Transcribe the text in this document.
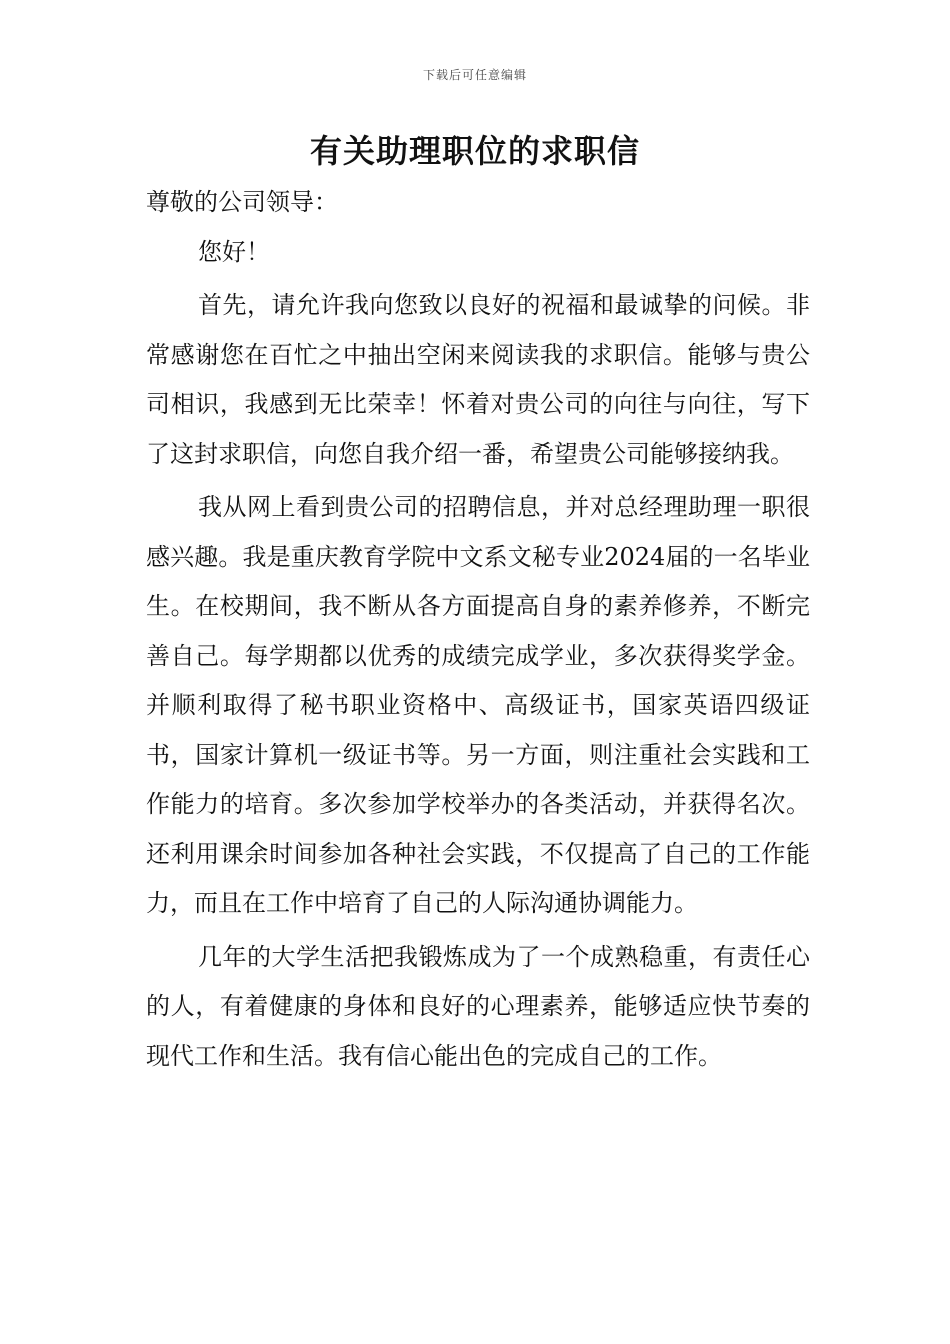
下载后可任意编辑
有关助理职位的求职信

尊敬的公司领导：

您好！

首先，请允许我向您致以良好的祝福和最诚挚的问候。非常感谢您在百忙之中抽出空闲来阅读我的求职信。能够与贵公司相识，我感到无比荣幸！怀着对贵公司的向往与向往，写下了这封求职信，向您自我介绍一番，希望贵公司能够接纳我。

我从网上看到贵公司的招聘信息，并对总经理助理一职很感兴趣。我是重庆教育学院中文系文秘专业2024届的一名毕业生。在校期间，我不断从各方面提高自身的素养修养，不断完善自己。每学期都以优秀的成绩完成学业，多次获得奖学金。并顺利取得了秘书职业资格中、高级证书，国家英语四级证书，国家计算机一级证书等。另一方面，则注重社会实践和工作能力的培育。多次参加学校举办的各类活动，并获得名次。还利用课余时间参加各种社会实践，不仅提高了自己的工作能力，而且在工作中培育了自己的人际沟通协调能力。

几年的大学生活把我锻炼成为了一个成熟稳重，有责任心的人，有着健康的身体和良好的心理素养，能够适应快节奏的现代工作和生活。我有信心能出色的完成自己的工作。
